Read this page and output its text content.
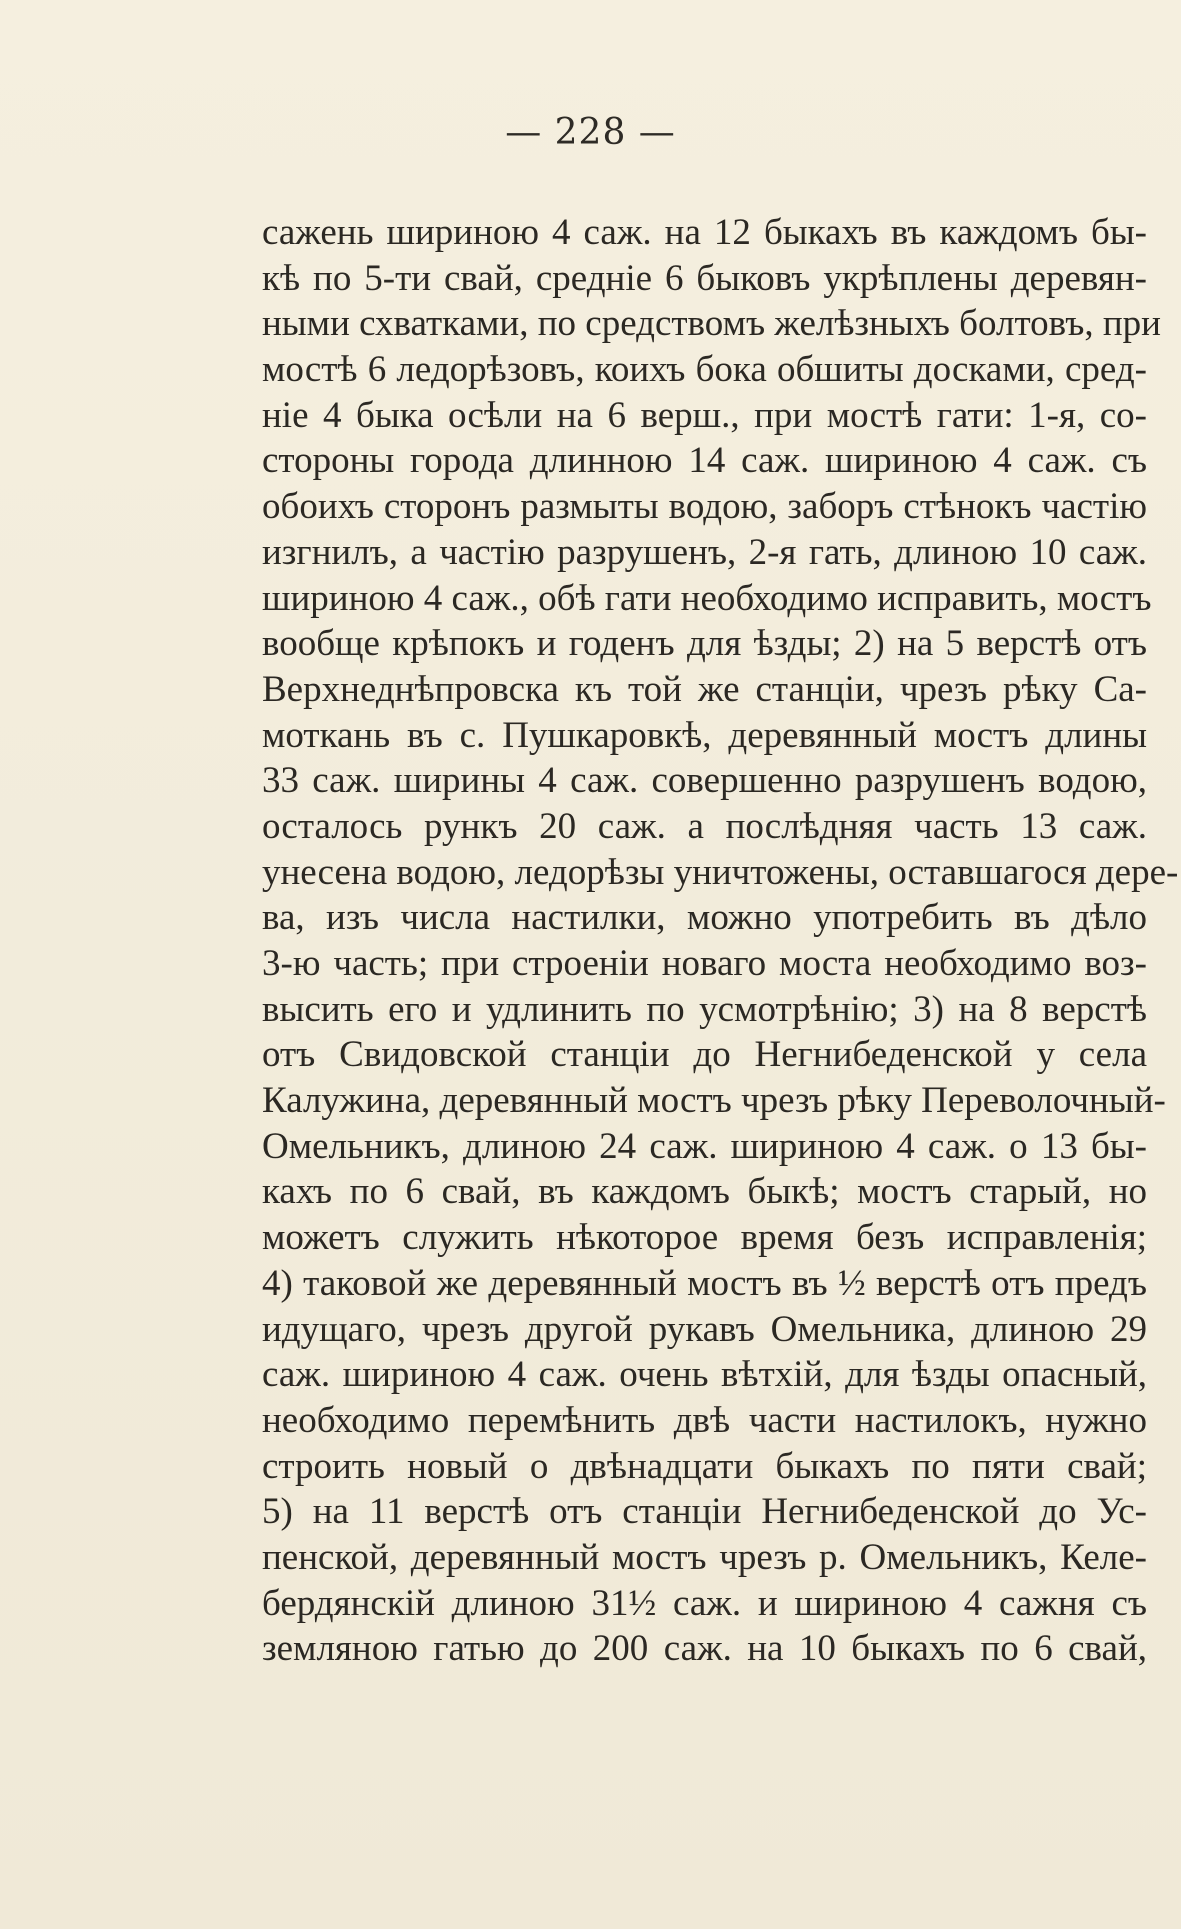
— 228 —
сажень шириною 4 саж. на 12 быкахъ въ каждомъ бы-
кѣ по 5-ти свай, средніе 6 быковъ укрѣплены деревян-
ными схватками, по средствомъ желѣзныхъ болтовъ, при
мостѣ 6 ледорѣзовъ, коихъ бока обшиты досками, сред-
ніе 4 быка осѣли на 6 верш., при мостѣ гати: 1-я, со-
стороны города длинною 14 саж. шириною 4 саж. съ
обоихъ сторонъ размыты водою, заборъ стѣнокъ частію
изгнилъ, а частію разрушенъ, 2-я гать, длиною 10 саж.
шириною 4 саж., обѣ гати необходимо исправить, мостъ
вообще крѣпокъ и годенъ для ѣзды; 2) на 5 верстѣ отъ
Верхнеднѣпровска къ той же станціи, чрезъ рѣку Са-
моткань въ с. Пушкаровкѣ, деревянный мостъ длины
33 саж. ширины 4 саж. совершенно разрушенъ водою,
осталось рункъ 20 саж. а послѣдняя часть 13 саж.
унесена водою, ледорѣзы уничтожены, оставшагося дере-
ва, изъ числа настилки, можно употребить въ дѣло
3-ю часть; при строеніи новаго моста необходимо воз-
высить его и удлинить по усмотрѣнію; 3) на 8 верстѣ
отъ Свидовской станціи до Негнибеденской у села
Калужина, деревянный мостъ чрезъ рѣку Переволочный-
Омельникъ, длиною 24 саж. шириною 4 саж. о 13 бы-
кахъ по 6 свай, въ каждомъ быкѣ; мостъ старый, но
можетъ служить нѣкоторое время безъ исправленія;
4) таковой же деревянный мостъ въ ½ верстѣ отъ предъ
идущаго, чрезъ другой рукавъ Омельника, длиною 29
саж. шириною 4 саж. очень вѣтхій, для ѣзды опасный,
необходимо перемѣнить двѣ части настилокъ, нужно
строить новый о двѣнадцати быкахъ по пяти свай;
5) на 11 верстѣ отъ станціи Негнибеденской до Ус-
пенской, деревянный мостъ чрезъ р. Омельникъ, Келе-
бердянскій длиною 31½ саж. и шириною 4 сажня съ
земляною гатью до 200 саж. на 10 быкахъ по 6 свай,
